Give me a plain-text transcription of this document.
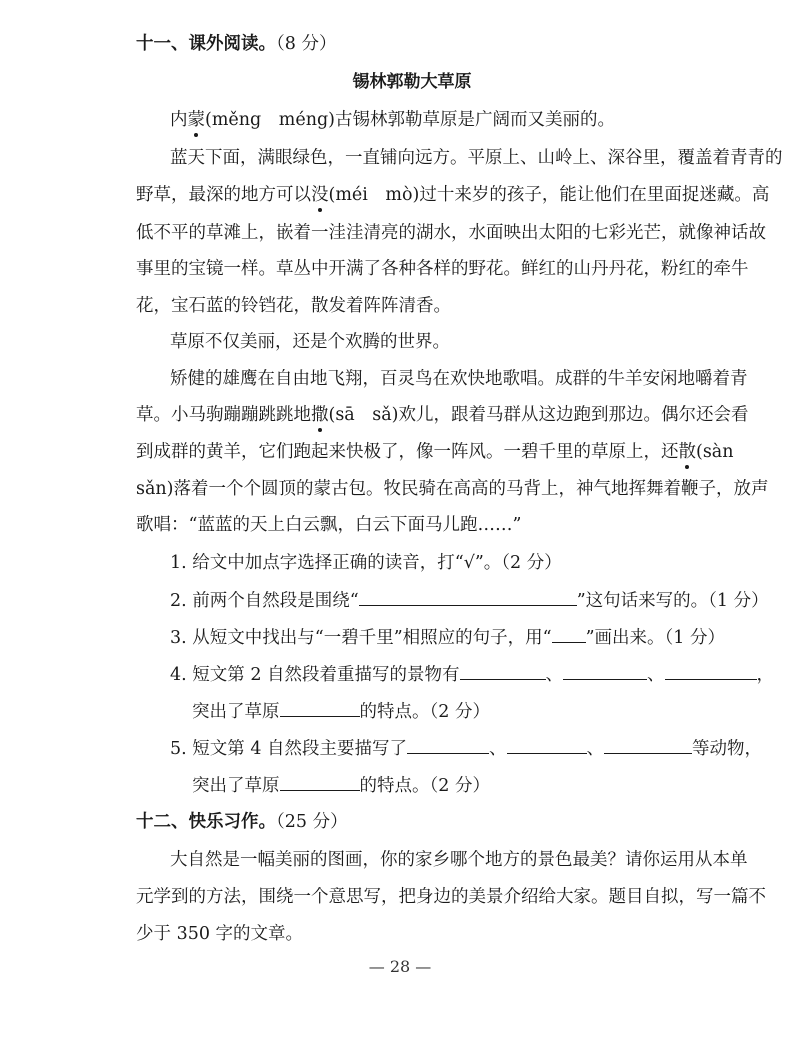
十一、课外阅读。（8 分）
锡林郭勒大草原
内蒙(měng　méng)古锡林郭勒草原是广阔而又美丽的。
蓝天下面，满眼绿色，一直铺向远方。平原上、山岭上、深谷里，覆盖着青青的
野草，最深的地方可以没(méi　mò)过十来岁的孩子，能让他们在里面捉迷藏。高
低不平的草滩上，嵌着一洼洼清亮的湖水，水面映出太阳的七彩光芒，就像神话故
事里的宝镜一样。草丛中开满了各种各样的野花。鲜红的山丹丹花，粉红的牵牛
花，宝石蓝的铃铛花，散发着阵阵清香。
草原不仅美丽，还是个欢腾的世界。
矫健的雄鹰在自由地飞翔，百灵鸟在欢快地歌唱。成群的牛羊安闲地嚼着青
草。小马驹蹦蹦跳跳地撒(sā　sǎ)欢儿，跟着马群从这边跑到那边。偶尔还会看
到成群的黄羊，它们跑起来快极了，像一阵风。一碧千里的草原上，还散(sàn
sǎn)落着一个个圆顶的蒙古包。牧民骑在高高的马背上，神气地挥舞着鞭子，放声
歌唱：“蓝蓝的天上白云飘，白云下面马儿跑……”
1. 给文中加点字选择正确的读音，打“√”。（2 分）
2. 前两个自然段是围绕“	”这句话来写的。（1 分）
3. 从短文中找出与“一碧千里”相照应的句子，用“ ”画出来。（1 分）
4. 短文第 2 自然段着重描写的景物有	、	、	，
突出了草原	的特点。（2 分）
5. 短文第 4 自然段主要描写了	、	、	等动物，
突出了草原	的特点。（2 分）
十二、快乐习作。（25 分）
大自然是一幅美丽的图画，你的家乡哪个地方的景色最美？请你运用从本单
元学到的方法，围绕一个意思写，把身边的美景介绍给大家。题目自拟，写一篇不
少于 350 字的文章。
— 28 —
